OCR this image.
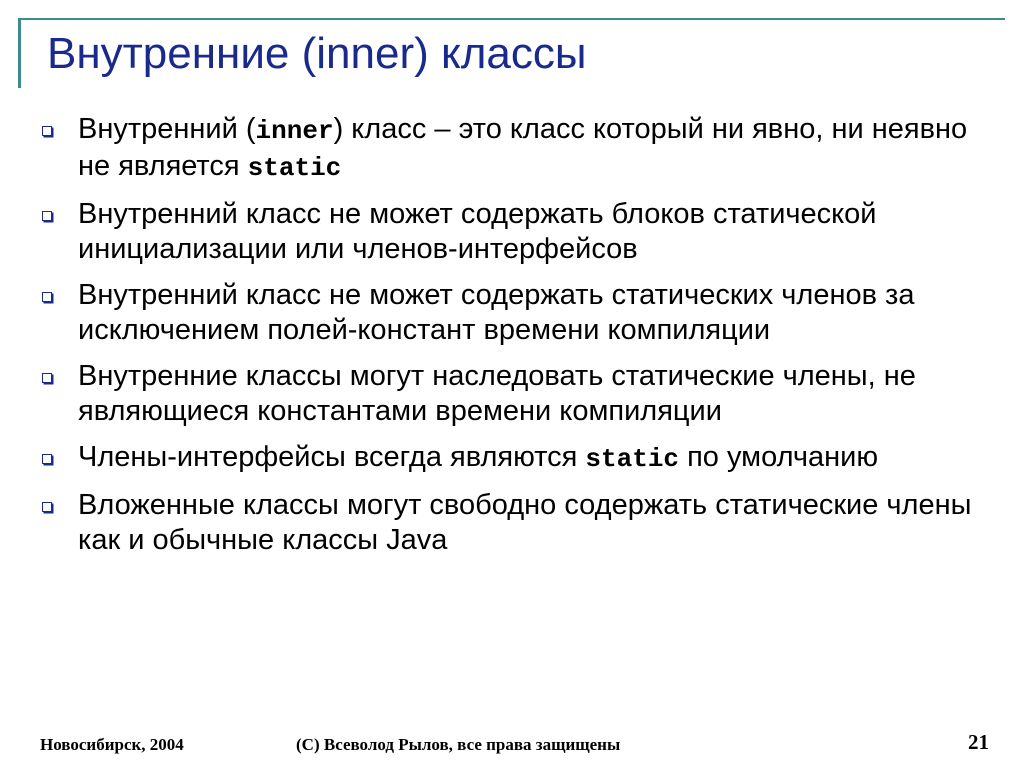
Внутренние (inner) классы
Внутренний (inner) класс – это класс который ни явно, ни неявно не является static
Внутренний класс не может содержать блоков статической инициализации или членов-интерфейсов
Внутренний класс не может содержать статических членов за исключением полей-констант времени компиляции
Внутренние классы могут наследовать статические члены, не являющиеся константами времени компиляции
Члены-интерфейсы всегда являются static по умолчанию
Вложенные классы могут свободно содержать статические члены как и обычные классы Java
Новосибирск, 2004	(С) Всеволод Рылов, все права защищены	21
